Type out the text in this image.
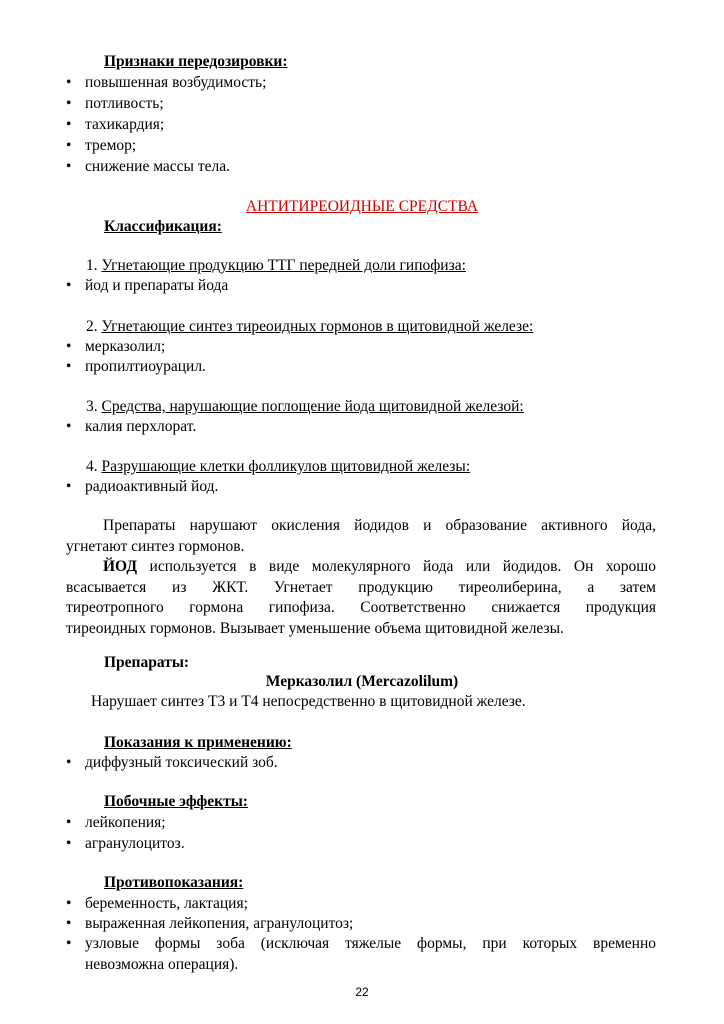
Признаки передозировки:
• повышенная возбудимость;
• потливость;
• тахикардия;
• тремор;
• снижение массы тела.
АНТИТИРЕОИДНЫЕ СРЕДСТВА
Классификация:
1. Угнетающие продукцию ТТГ передней доли гипофиза:
• йод и препараты йода
2. Угнетающие синтез тиреоидных гормонов в щитовидной железе:
• мерказолил;
• пропилтиоурацил.
3. Средства, нарушающие поглощение йода щитовидной железой:
• калия перхлорат.
4. Разрушающие клетки фолликулов щитовидной железы:
• радиоактивный йод.
Препараты нарушают окисления йодидов и образование активного йода,
угнетают синтез гормонов.
ЙОД используется в виде молекулярного йода или йодидов. Он хорошо
всасывается из ЖКТ. Угнетает продукцию тиреолиберина, а затем
тиреотропного гормона гипофиза. Соответственно снижается продукция
тиреоидных гормонов. Вызывает уменьшение объема щитовидной железы.
Препараты:
Мерказолил (Mercazolilum)
Нарушает синтез Т3 и Т4 непосредственно в щитовидной железе.
Показания к применению:
• диффузный токсический зоб.
Побочные эффекты:
• лейкопения;
• агранулоцитоз.
Противопоказания:
• беременность, лактация;
• выраженная лейкопения, агранулоцитоз;
• узловые формы зоба (исключая тяжелые формы, при которых временно
невозможна операция).
22
